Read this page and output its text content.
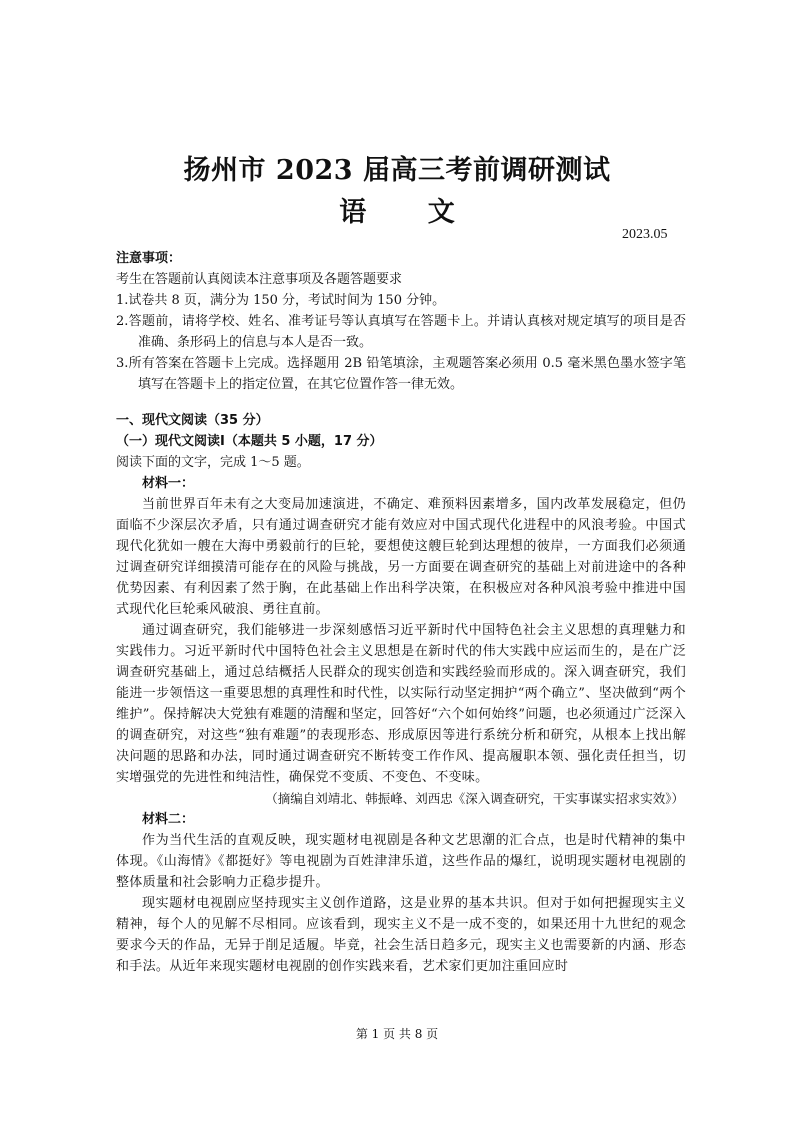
扬州市 2023 届高三考前调研测试
语 文
2023.05
注意事项：
考生在答题前认真阅读本注意事项及各题答题要求
1.试卷共 8 页，满分为 150 分，考试时间为 150 分钟。
2.答题前，请将学校、姓名、准考证号等认真填写在答题卡上。并请认真核对规定填写的项目是否准确、条形码上的信息与本人是否一致。
3.所有答案在答题卡上完成。选择题用 2B 铅笔填涂，主观题答案必须用 0.5 毫米黑色墨水签字笔填写在答题卡上的指定位置，在其它位置作答一律无效。
一、现代文阅读（35 分）
（一）现代文阅读Ⅰ（本题共 5 小题，17 分）
阅读下面的文字，完成 1～5 题。
材料一：
当前世界百年未有之大变局加速演进，不确定、难预料因素增多，国内改革发展稳定，但仍面临不少深层次矛盾，只有通过调查研究才能有效应对中国式现代化进程中的风浪考验。中国式现代化犹如一艘在大海中勇毅前行的巨轮，要想使这艘巨轮到达理想的彼岸，一方面我们必须通过调查研究详细摸清可能存在的风险与挑战，另一方面要在调查研究的基础上对前进途中的各种优势因素、有利因素了然于胸，在此基础上作出科学决策，在积极应对各种风浪考验中推进中国式现代化巨轮乘风破浪、勇往直前。
通过调查研究，我们能够进一步深刻感悟习近平新时代中国特色社会主义思想的真理魅力和实践伟力。习近平新时代中国特色社会主义思想是在新时代的伟大实践中应运而生的，是在广泛调查研究基础上，通过总结概括人民群众的现实创造和实践经验而形成的。深入调查研究，我们能进一步领悟这一重要思想的真理性和时代性，以实际行动坚定拥护“两个确立”、坚决做到“两个维护”。保持解决大党独有难题的清醒和坚定，回答好“六个如何始终”问题，也必须通过广泛深入的调查研究，对这些“独有难题”的表现形态、形成原因等进行系统分析和研究，从根本上找出解决问题的思路和办法，同时通过调查研究不断转变工作作风、提高履职本领、强化责任担当，切实增强党的先进性和纯洁性，确保党不变质、不变色、不变味。
（摘编自刘靖北、韩振峰、刘西忠《深入调查研究，干实事谋实招求实效》）
材料二：
作为当代生活的直观反映，现实题材电视剧是各种文艺思潮的汇合点，也是时代精神的集中体现。《山海情》《都挺好》等电视剧为百姓津津乐道，这些作品的爆红，说明现实题材电视剧的整体质量和社会影响力正稳步提升。
现实题材电视剧应坚持现实主义创作道路，这是业界的基本共识。但对于如何把握现实主义精神，每个人的见解不尽相同。应该看到，现实主义不是一成不变的，如果还用十九世纪的观念要求今天的作品，无异于削足适履。毕竟，社会生活日趋多元，现实主义也需要新的内涵、形态和手法。从近年来现实题材电视剧的创作实践来看，艺术家们更加注重回应时
第 1 页 共 8 页
